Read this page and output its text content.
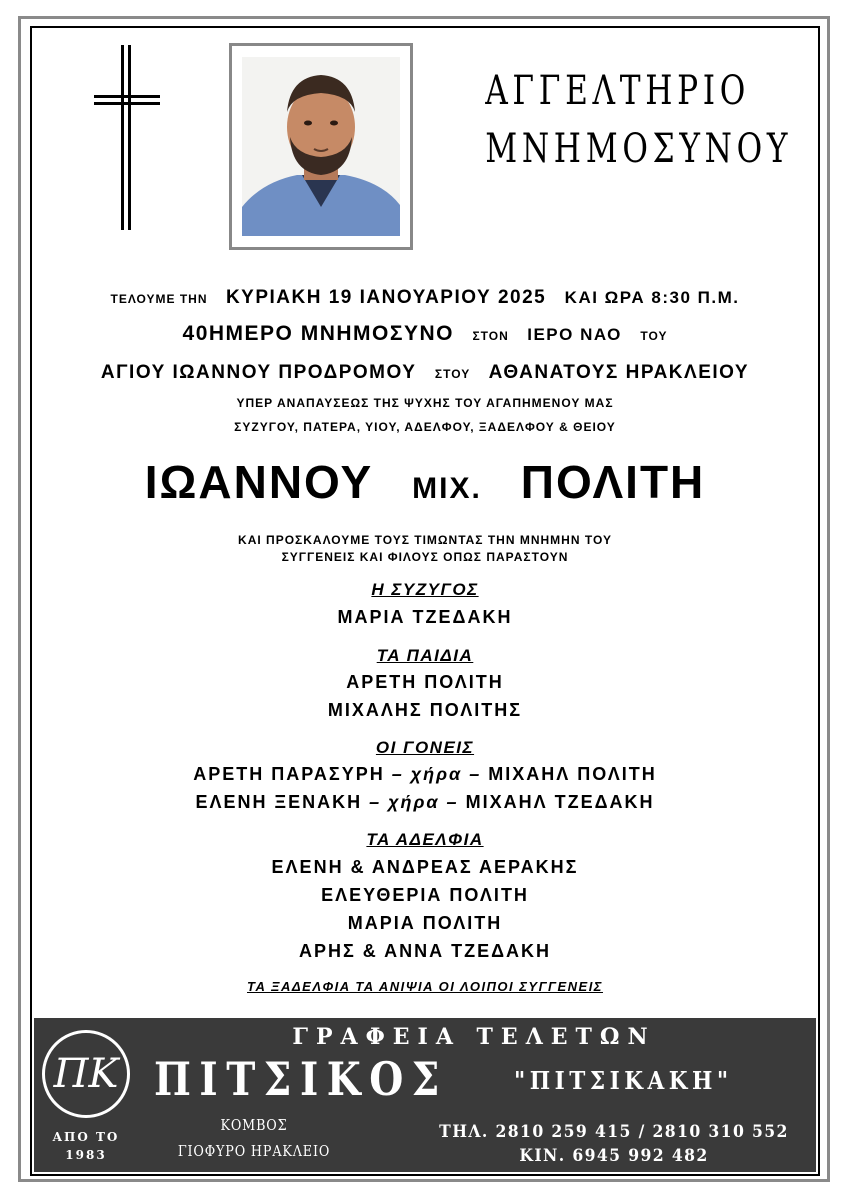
ΑΓΓΕΛΤΗΡΙΟ
ΜΝΗΜΟΣΥΝΟΥ
ΤΕΛΟΥΜΕ ΤΗΝ ΚΥΡΙΑΚΗ 19 ΙΑΝΟΥΑΡΙΟΥ 2025 ΚΑΙ ΩΡΑ 8:30 Π.Μ.
40ΗΜΕΡΟ ΜΝΗΜΟΣΥΝΟ ΣΤΟΝ ΙΕΡΟ ΝΑΟ ΤΟΥ
ΑΓΙΟΥ ΙΩΑΝΝΟΥ ΠΡΟΔΡΟΜΟΥ ΣΤΟΥ ΑΘΑΝΑΤΟΥΣ ΗΡΑΚΛΕΙΟΥ
ΥΠΕΡ ΑΝΑΠΑΥΣΕΩΣ ΤΗΣ ΨΥΧΗΣ ΤΟΥ ΑΓΑΠΗΜΕΝΟΥ ΜΑΣ
ΣΥΖΥΓΟΥ, ΠΑΤΕΡΑ, ΥΙΟΥ, ΑΔΕΛΦΟΥ, ΞΑΔΕΛΦΟΥ & ΘΕΙΟΥ
ΙΩΑΝΝΟΥ ΜΙΧ. ΠΟΛΙΤΗ
ΚΑΙ ΠΡΟΣΚΑΛΟΥΜΕ ΤΟΥΣ ΤΙΜΩΝΤΑΣ ΤΗΝ ΜΝΗΜΗΝ ΤΟΥ
ΣΥΓΓΕΝΕΙΣ ΚΑΙ ΦΙΛΟΥΣ ΟΠΩΣ ΠΑΡΑΣΤΟΥΝ
Η ΣΥΖΥΓΟΣ
ΜΑΡΙΑ ΤΖΕΔΑΚΗ
ΤΑ ΠΑΙΔΙΑ
ΑΡΕΤΗ ΠΟΛΙΤΗ
ΜΙΧΑΛΗΣ ΠΟΛΙΤΗΣ
ΟΙ ΓΟΝΕΙΣ
ΑΡΕΤΗ ΠΑΡΑΣΥΡΗ – χήρα – ΜΙΧΑΗΛ ΠΟΛΙΤΗ
ΕΛΕΝΗ ΞΕΝΑΚΗ – χήρα – ΜΙΧΑΗΛ ΤΖΕΔΑΚΗ
ΤΑ ΑΔΕΛΦΙΑ
ΕΛΕΝΗ & ΑΝΔΡΕΑΣ ΑΕΡΑΚΗΣ
ΕΛΕΥΘΕΡΙΑ ΠΟΛΙΤΗ
ΜΑΡΙΑ ΠΟΛΙΤΗ
ΑΡΗΣ & ΑΝΝΑ ΤΖΕΔΑΚΗ
ΤΑ ΞΑΔΕΛΦΙΑ ΤΑ ΑΝΙΨΙΑ ΟΙ ΛΟΙΠΟΙ ΣΥΓΓΕΝΕΙΣ
ΠΚ
ΑΠΟ ΤΟ
1983
ΓΡΑΦΕΙΑ ΤΕΛΕΤΩΝ
ΠΙΤΣΙΚΟΣ	"ΠΙΤΣΙΚΑΚΗ"
ΚΟΜΒΟΣ
ΓΙΟΦΥΡΟ ΗΡΑΚΛΕΙΟ
ΤΗΛ. 2810 259 415 / 2810 310 552
ΚΙΝ. 6945 992 482
